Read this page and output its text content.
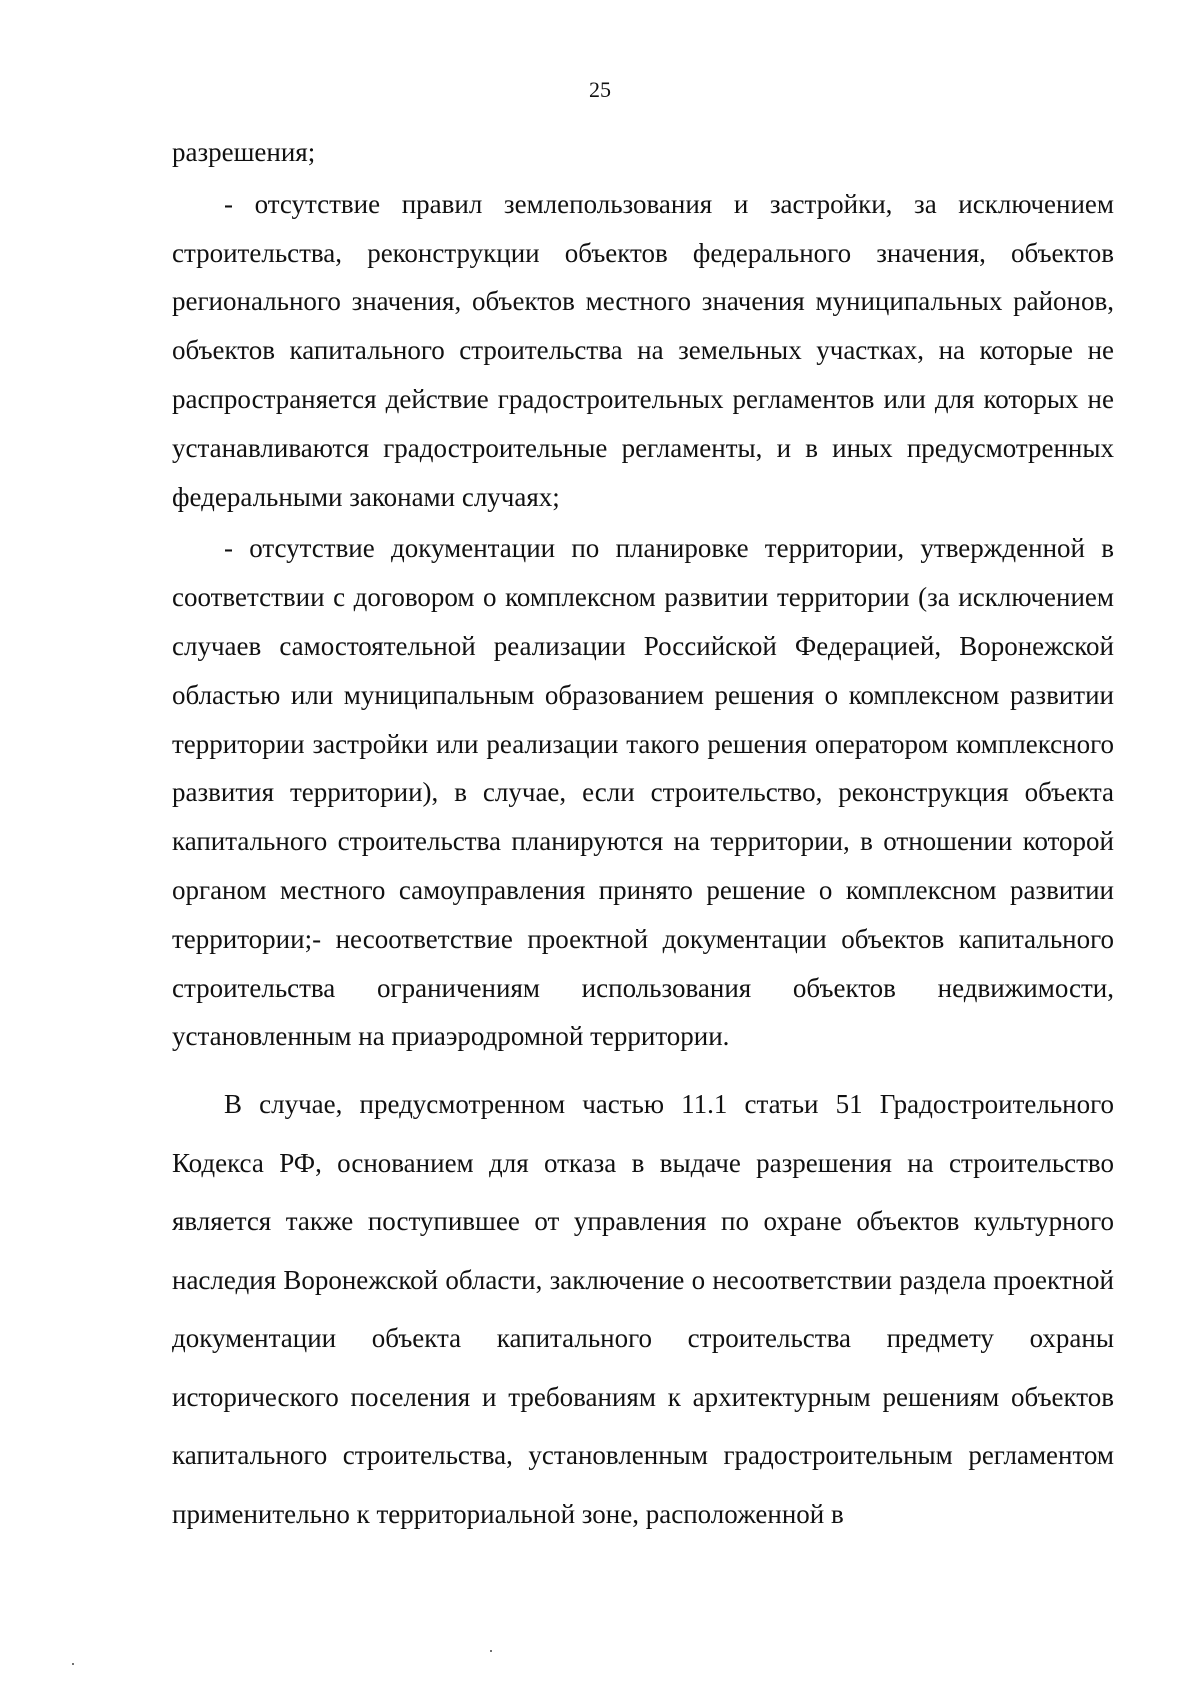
25

разрешения;

- отсутствие правил землепользования и застройки, за исключением строительства, реконструкции объектов федерального значения, объектов регионального значения, объектов местного значения муниципальных районов, объектов капитального строительства на земельных участках, на которые не распространяется действие градостроительных регламентов или для которых не устанавливаются градостроительные регламенты, и в иных предусмотренных федеральными законами случаях;

- отсутствие документации по планировке территории, утвержденной в соответствии с договором о комплексном развитии территории (за исключением случаев самостоятельной реализации Российской Федерацией, Воронежской областью или муниципальным образованием решения о комплексном развитии территории застройки или реализации такого решения оператором комплексного развития территории), в случае, если строительство, реконструкция объекта капитального строительства планируются на территории, в отношении которой органом местного самоуправления принято решение о комплексном развитии территории;- несоответствие проектной документации объектов капитального строительства ограничениям использования объектов недвижимости, установленным на приаэродромной территории.

В случае, предусмотренном частью 11.1 статьи 51 Градостроительного Кодекса РФ, основанием для отказа в выдаче разрешения на строительство является также поступившее от управления по охране объектов культурного наследия Воронежской области, заключение о несоответствии раздела проектной документации объекта капитального строительства предмету охраны исторического поселения и требованиям к архитектурным решениям объектов капитального строительства, установленным градостроительным регламентом применительно к территориальной зоне, расположенной в
